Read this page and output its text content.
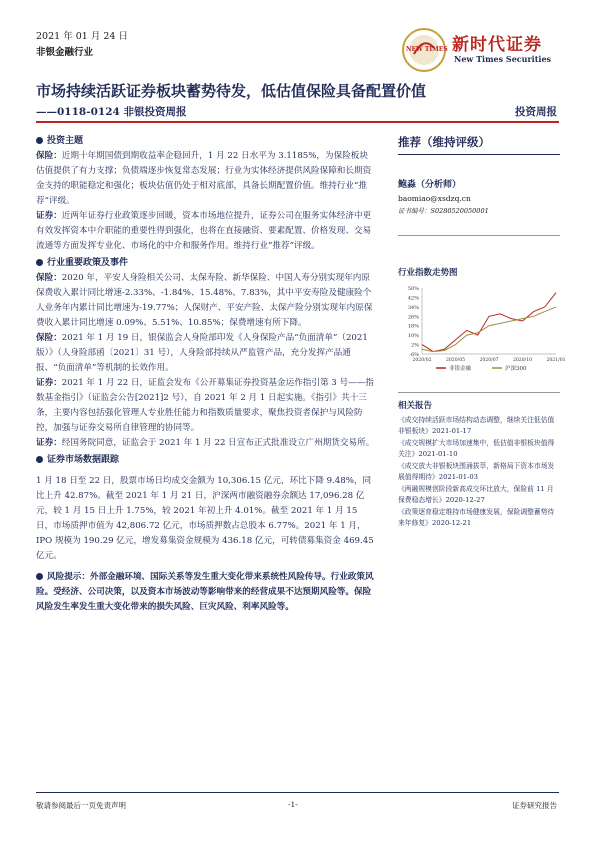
2021 年 01 月 24 日
非银金融行业	NEW TIMES 新时代证券
New Times Securities
市场持续活跃证券板块蓄势待发，低估值保险具备配置价值
——0118-0124 非银投资周报	投资周报
投资主题

保险：近期十年期国债到期收益率企稳回升，1 月 22 日水平为 3.1185%，为保险板块估值提供了有力支撑；负债端逐步恢复常态发展；行业为实体经济提供风险保障和长期资金支持的职能稳定和强化；板块估值仍处于相对底部，具备长期配置价值。维持行业“推荐”评级。

证券：近两年证券行业政策逐步回暖，资本市场地位提升，证券公司在服务实体经济中更有效发挥资本中介职能的重要性得到强化，也将在直接融资、要素配置、价格发现、交易流通等方面发挥专业化、市场化的中介和服务作用。维持行业“推荐”评级。

行业重要政策及事件

保险：2020 年，平安人身险相关公司、太保寿险、新华保险、中国人寿分别实现年内原保费收入累计同比增速-2.33%、-1.84%、15.48%、7.83%，其中平安寿险及健康险个人业务年内累计同比增速为-19.77%；人保财产、平安产险、太保产险分别实现年内原保费收入累计同比增速 0.09%、5.51%、10.85%；保费增速有所下降。

保险：2021 年 1 月 19 日，银保监会人身险部印发《人身保险产品“负面清单”（2021 版）》（人身险部函〔2021〕31 号），人身险部持续从严监管产品，充分发挥产品通报、“负面清单”等机制的长效作用。

证券：2021 年 1 月 22 日，证监会发布《公开募集证券投资基金运作指引第 3 号——指数基金指引》（证监会公告[2021]2 号），自 2021 年 2 月 1 日起实施。《指引》共十三条，主要内容包括强化管理人专业胜任能力和指数质量要求，聚焦投资者保护与风险防控，加强与证券交易所自律管理的协同等。

证券：经国务院同意，证监会于 2021 年 1 月 22 日宣布正式批准设立广州期货交易所。

证券市场数据跟踪

1 月 18 日至 22 日，股票市场日均成交金额为 10,306.15 亿元，环比下降 9.48%，同比上升 42.87%。截至 2021 年 1 月 21 日，沪深两市融资融券余额达 17,096.28 亿元，较 1 月 15 日上升 1.75%，较 2021 年初上升 4.01%。截至 2021 年 1 月 15 日，市场质押市值为 42,806.72 亿元，市场质押数占总股本 6.77%。2021 年 1 月，IPO 规模为 190.29 亿元，增发募集资金规模为 436.18 亿元，可转债募集资金 469.45 亿元。

风险提示：外部金融环境、国际关系等发生重大变化带来系统性风险传导。行业政策风险。受经济、公司决策，以及资本市场波动等影响带来的经营成果不达预期风险等。保险风险发生率发生重大变化带来的损失风险、巨灾风险、利率风险等。
推荐（维持评级）
鲍淼（分析师）
baomiao@xsdzq.cn
证书编号：S0280520050001
行业指数走势图
50%
42%
34%
26%
18%
10%
2%
-6%
2020/02	2020/05	2020/07	2020/10	2021/01
非银金融	沪深300
相关报告
《成交持续活跃市场结构动态调整，继续关注低估值非银板块》2021-01-17
《成交规模扩大市场加速集中，低估值非银板块值得关注》2021-01-10
《成交放大非银板块围涌拔萃，新格局下资本市场发展值得期待》2021-01-03
《两融规模创阶段新高成交环比放大，保险前 11 月保费稳态增长》2020-12-27
《政策逐育稳定维持市场健康发展，保险调整蓄势待来年修复》2020-12-21
敬请参阅最后一页免责声明	-1-	证券研究报告
